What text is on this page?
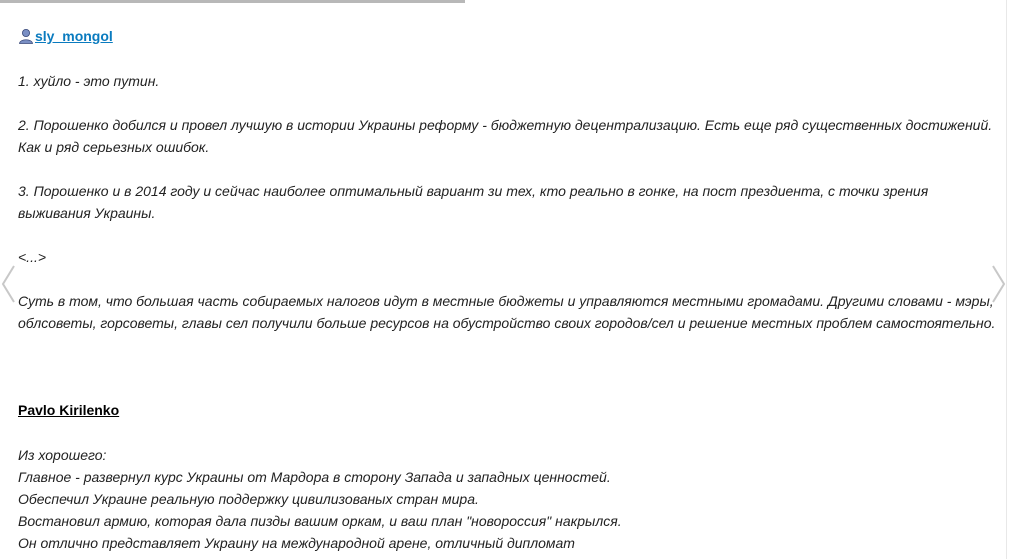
sly_mongol

1. хуйло - это путин.

2. Порошенко добился и провел лучшую в истории Украины реформу - бюджетную децентрализацию. Есть еще ряд существенных достижений. Как и ряд серьезных ошибок.

3. Порошенко и в 2014 году и сейчас наиболее оптимальный вариант зи тех, кто реально в гонке, на пост прездиента, с точки зрения выживания Украины.

<...>

Суть в том, что большая часть собираемых налогов идут в местные бюджеты и управляются местными громадами. Другими словами - мэры, облсоветы, горсоветы, главы сел получили больше ресурсов на обустройство своих городов/сел и решение местных проблем самостоятельно.

Pavlo Kirilenko

Из хорошего:

Главное - развернул курс Украины от Мардора в сторону Запада и западных ценностей.

Обеспечил Украине реальную поддержку цивилизованых стран мира.

Востановил армию, которая дала пизды вашим оркам, и ваш план "новороссия" накрылся.

Он отлично представляет Украину на международной арене, отличный дипломат
